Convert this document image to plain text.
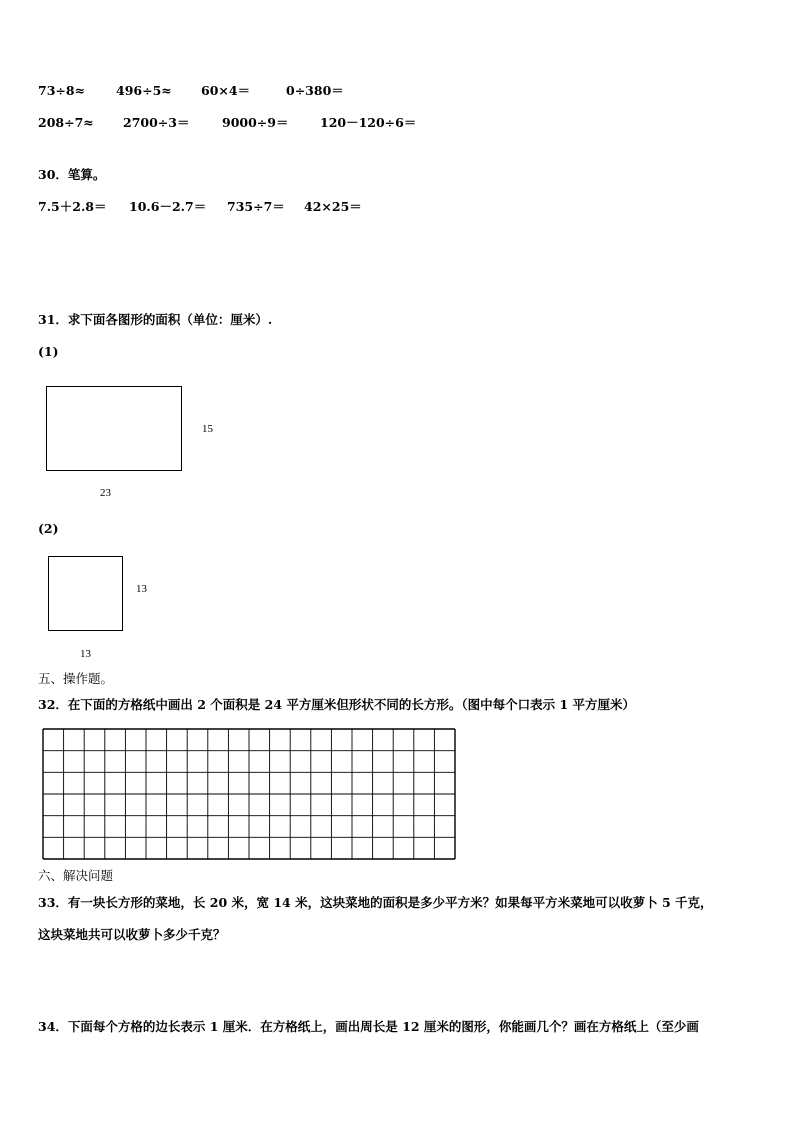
73÷8≈ 496÷5≈ 60×4＝	0÷380＝
208÷7≈ 2700÷3＝	9000÷9＝	120－120÷6＝
30．笔算。
7.5＋2.8＝ 10.6－2.7＝ 735÷7＝ 42×25＝
31．求下面各图形的面积（单位：厘米）.
(1)
15
23
(2)
13
13
五、操作题。
32．在下面的方格纸中画出 2 个面积是 24 平方厘米但形状不同的长方形。（图中每个口表示 1 平方厘米）
六、解决问题
33．有一块长方形的菜地，长 20 米，宽 14 米，这块菜地的面积是多少平方米？如果每平方米菜地可以收萝卜 5 千克，
这块菜地共可以收萝卜多少千克？
34．下面每个方格的边长表示 1 厘米．在方格纸上，画出周长是 12 厘米的图形，你能画几个？画在方格纸上（至少画
